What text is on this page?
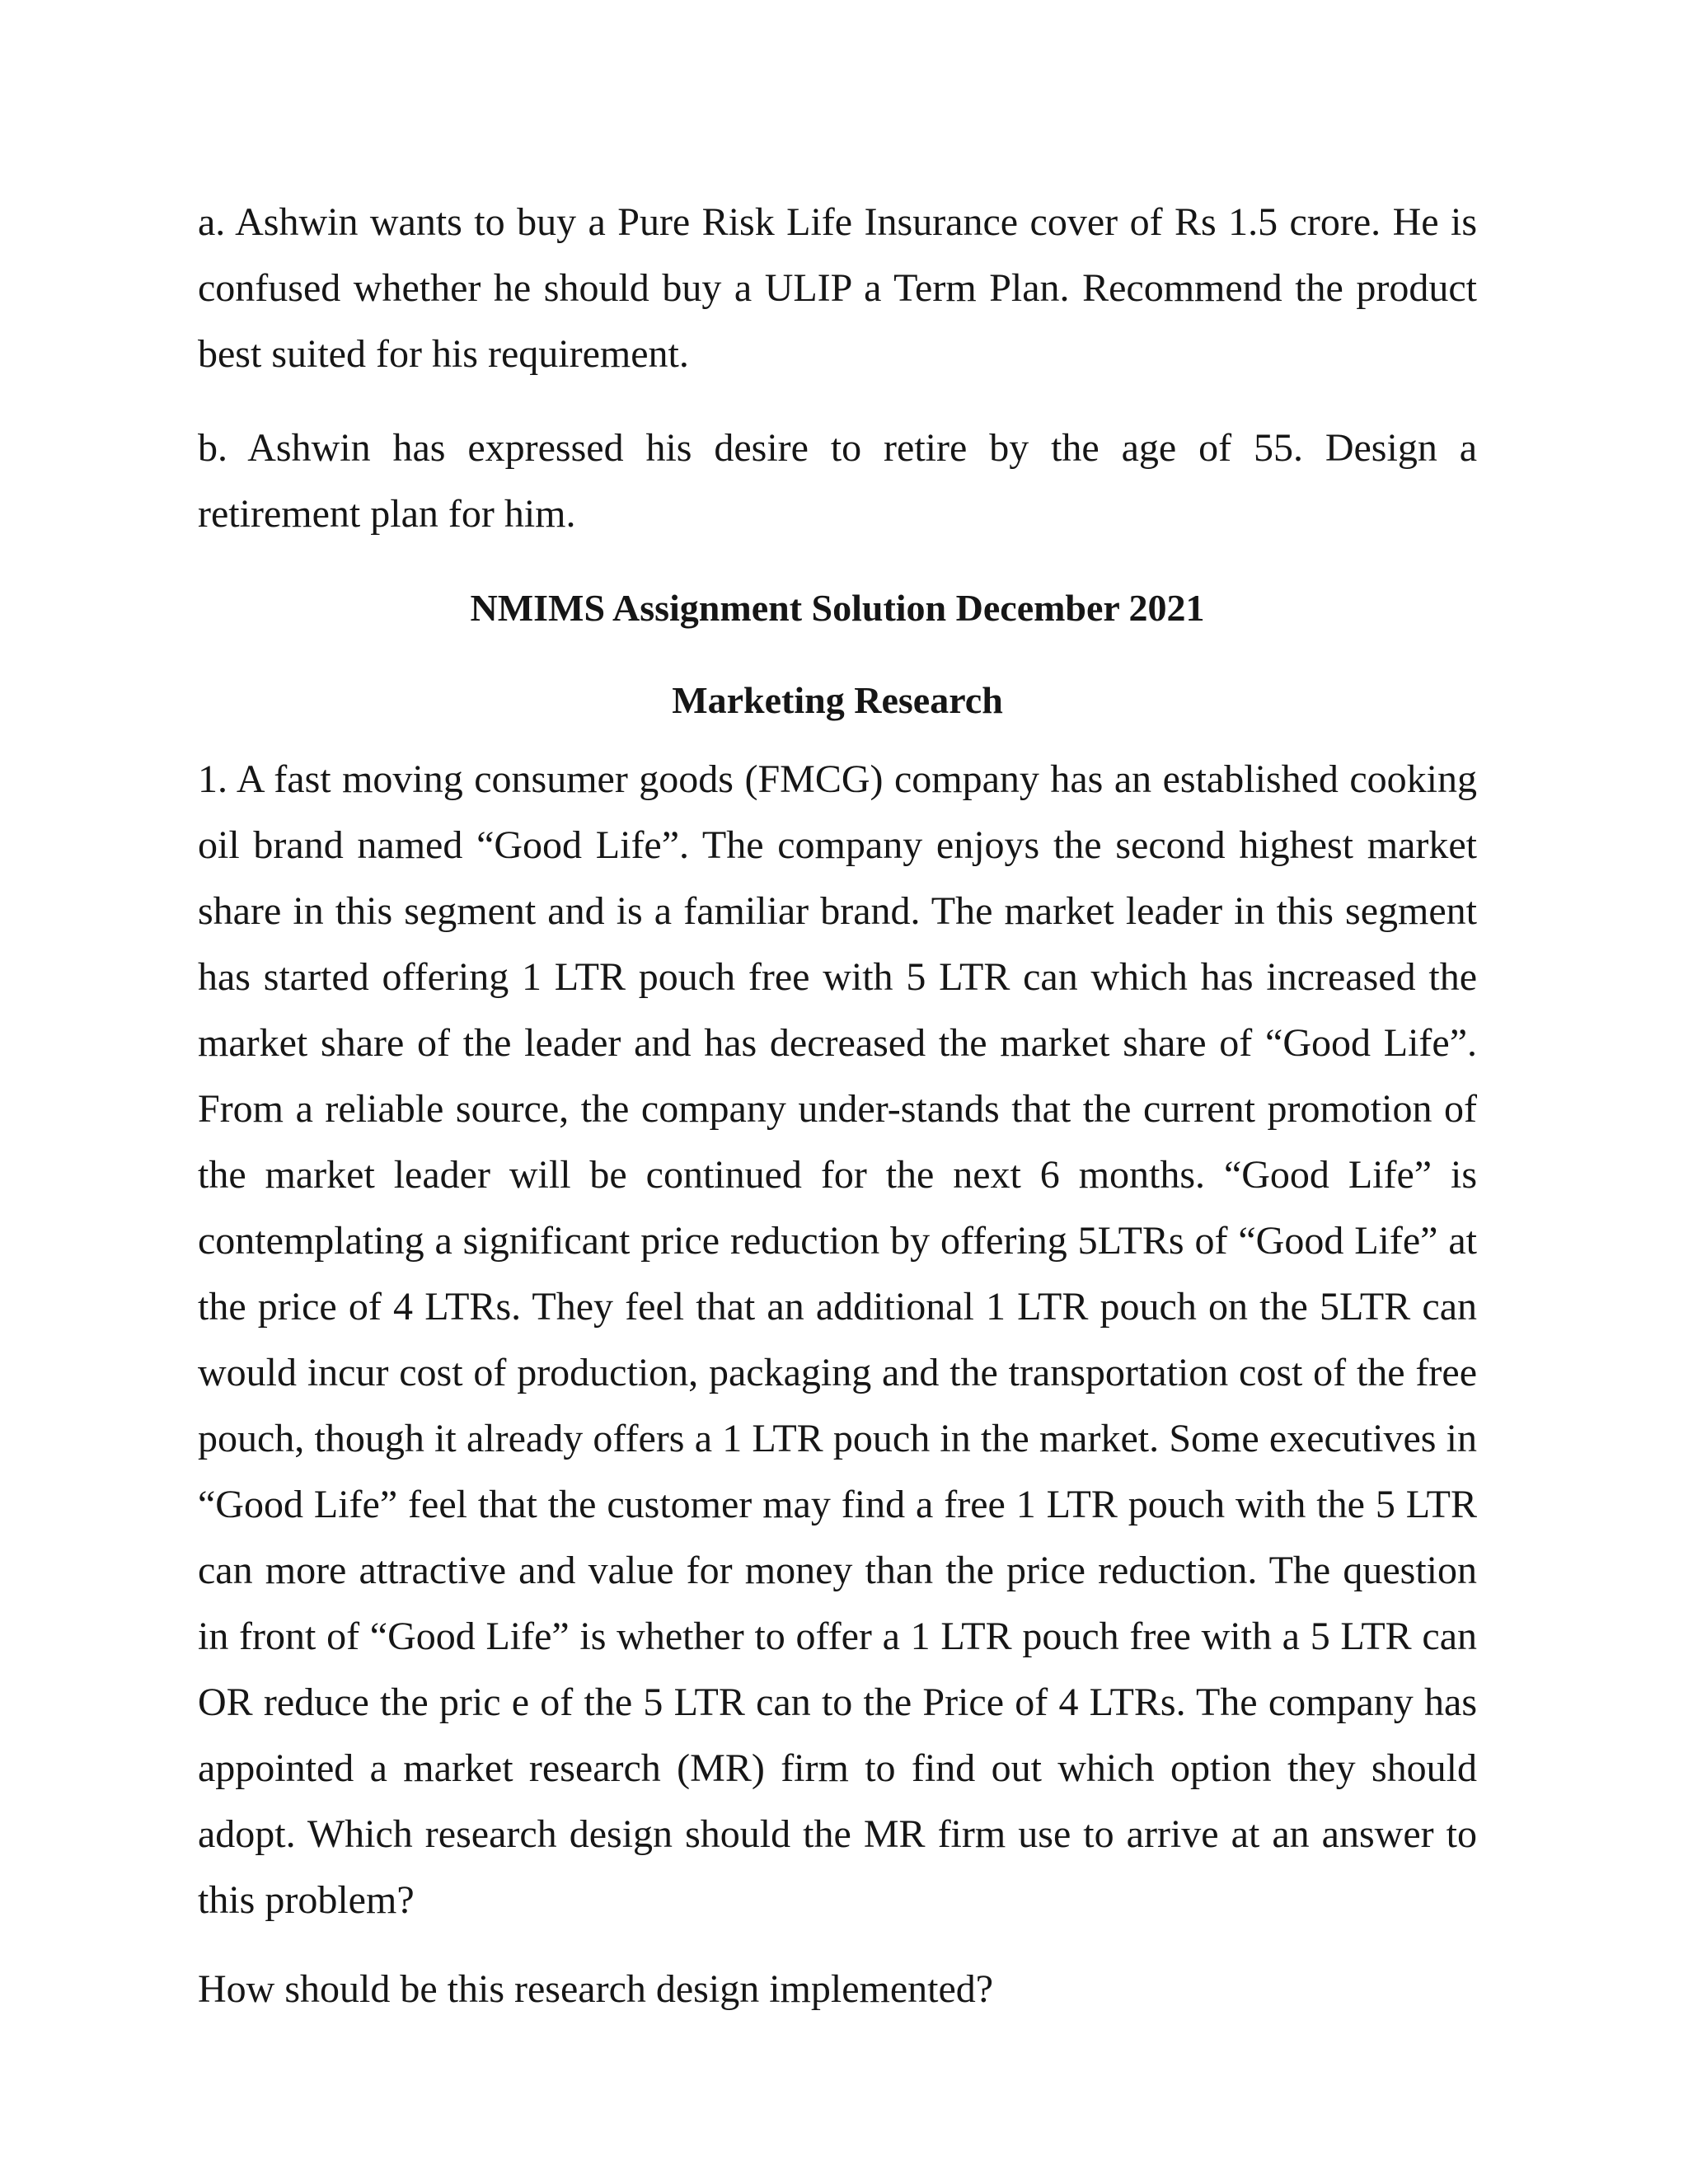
a. Ashwin wants to buy a Pure Risk Life Insurance cover of Rs 1.5 crore. He is confused whether he should buy a ULIP a Term Plan. Recommend the product best suited for his requirement.

b. Ashwin has expressed his desire to retire by the age of 55. Design a retirement plan for him.

NMIMS Assignment Solution December 2021

Marketing Research

1. A fast moving consumer goods (FMCG) company has an established cooking oil brand named “Good Life”. The company enjoys the second highest market share in this segment and is a familiar brand. The market leader in this segment has started offering 1 LTR pouch free with 5 LTR can which has increased the market share of the leader and has decreased the market share of “Good Life”. From a reliable source, the company under-stands that the current promotion of the market leader will be continued for the next 6 months. “Good Life” is contemplating a significant price reduction by offering 5LTRs of “Good Life” at the price of 4 LTRs. They feel that an additional 1 LTR pouch on the 5LTR can would incur cost of production, packaging and the transportation cost of the free pouch, though it already offers a 1 LTR pouch in the market. Some executives in “Good Life” feel that the customer may find a free 1 LTR pouch with the 5 LTR can more attractive and value for money than the price reduction. The question in front of “Good Life” is whether to offer a 1 LTR pouch free with a 5 LTR can OR reduce the pric e of the 5 LTR can to the Price of 4 LTRs. The company has appointed a market research (MR) firm to find out which option they should adopt. Which research design should the MR firm use to arrive at an answer to this problem?

How should be this research design implemented?
